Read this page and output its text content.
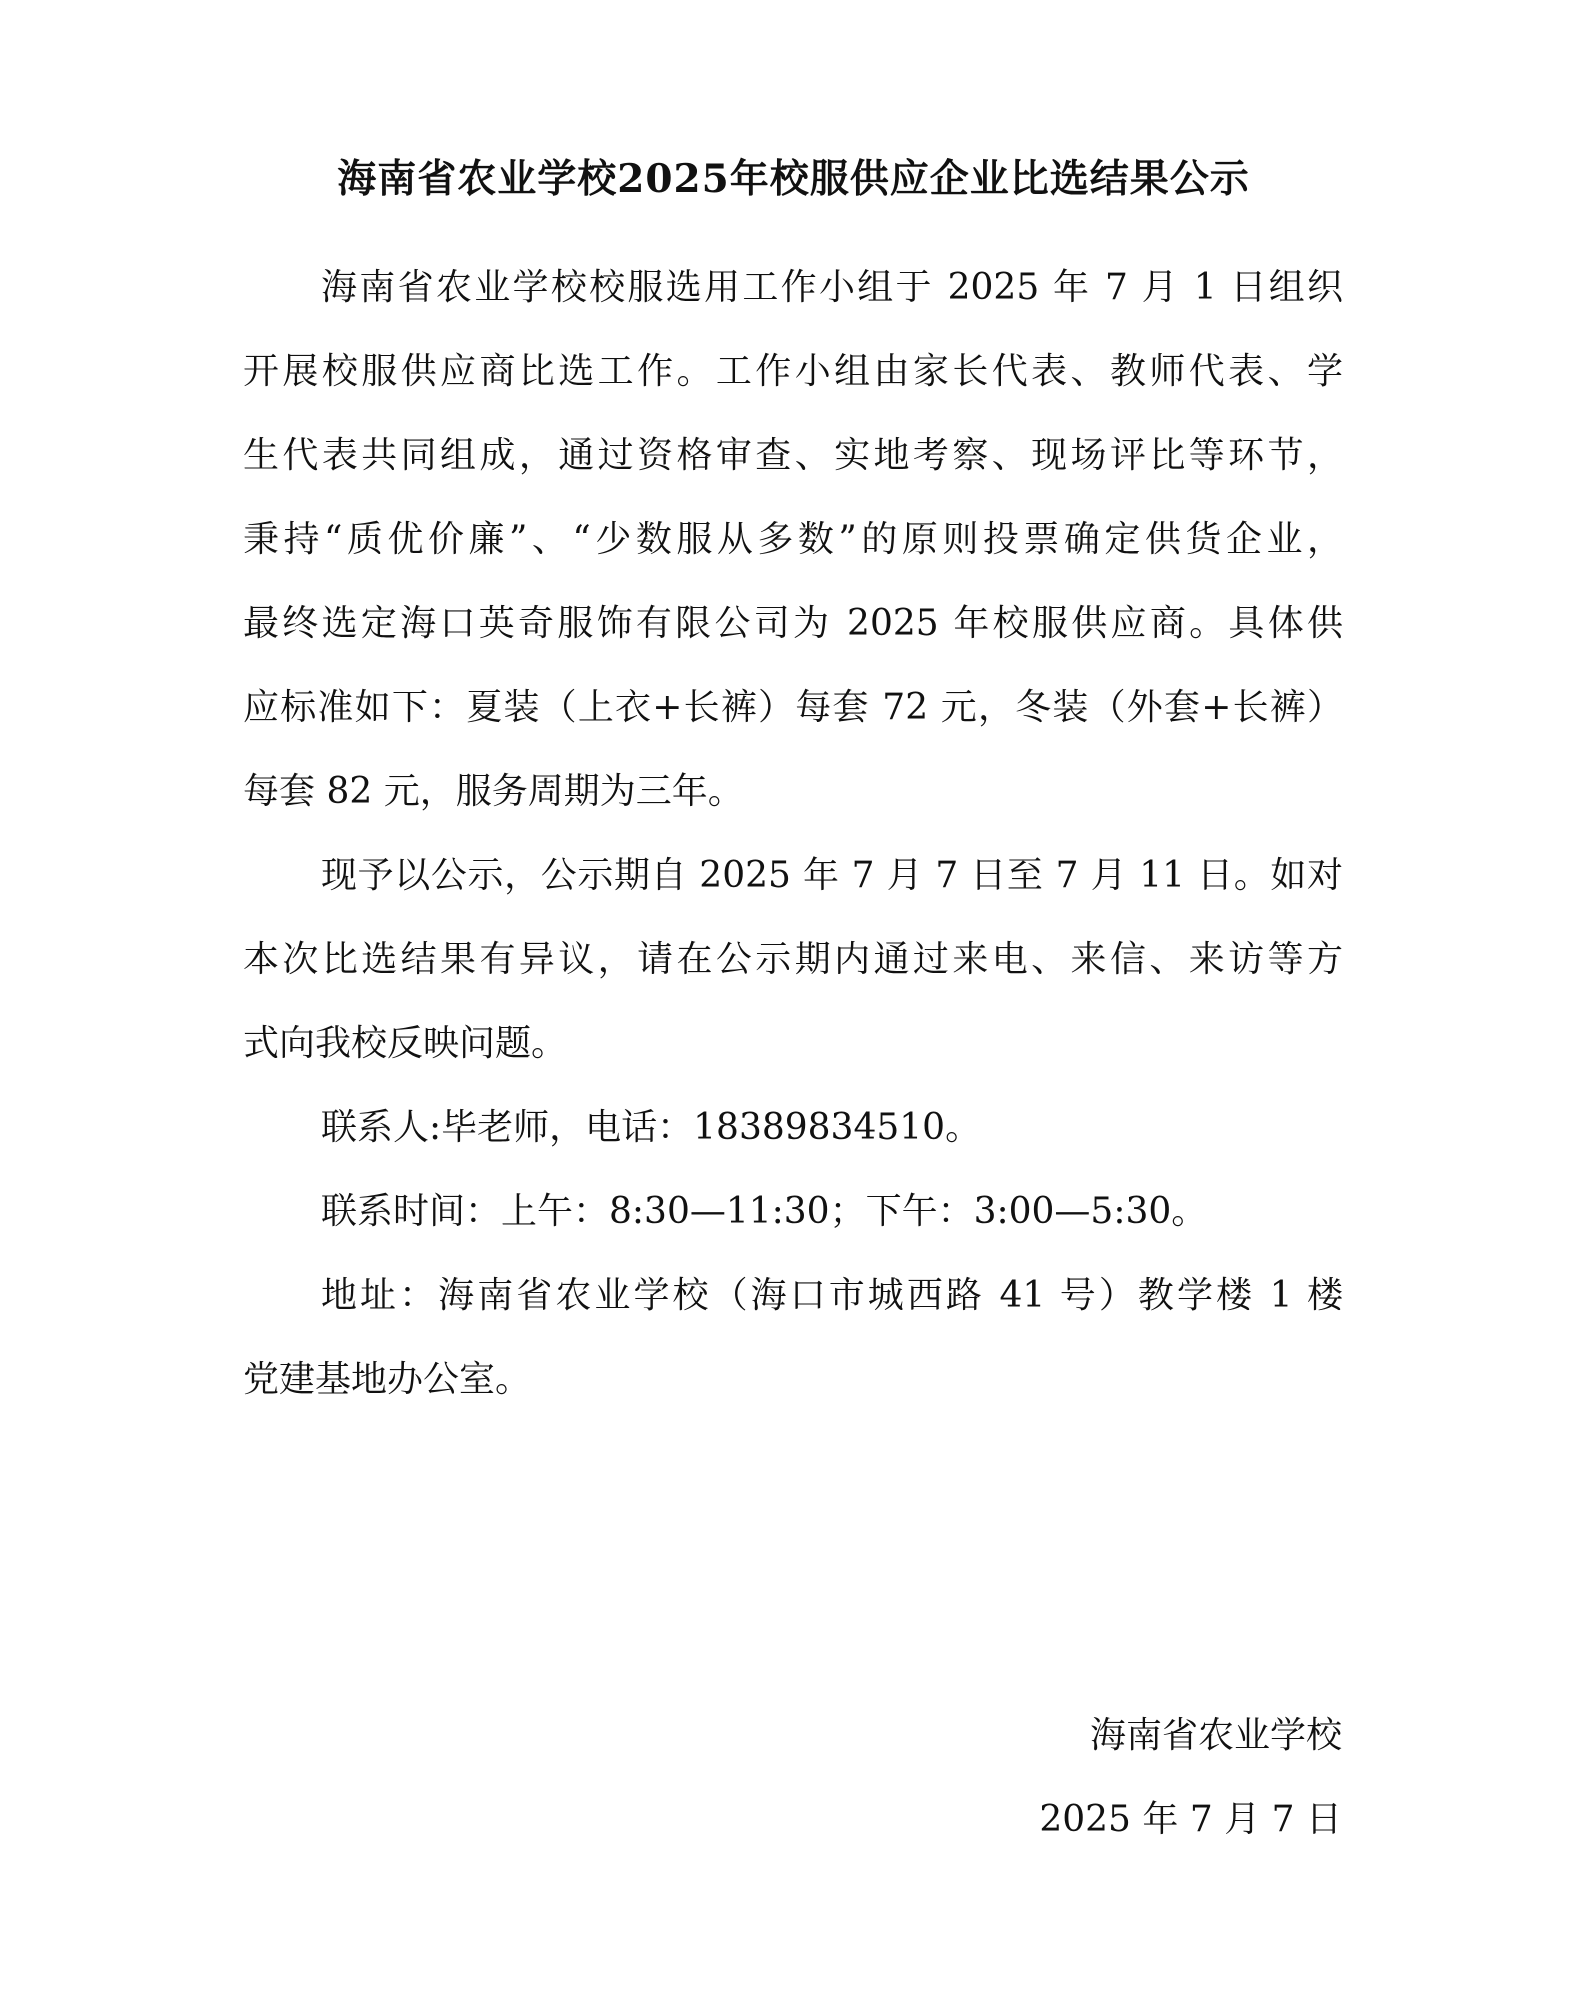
海南省农业学校2025年校服供应企业比选结果公示
海南省农业学校校服选用工作小组于 2025 年 7 月 1 日组织
开展校服供应商比选工作。工作小组由家长代表、教师代表、学
生代表共同组成，通过资格审查、实地考察、现场评比等环节，
秉持“质优价廉”、“少数服从多数”的原则投票确定供货企业，
最终选定海口英奇服饰有限公司为 2025 年校服供应商。具体供
应标准如下：夏装（上衣+长裤）每套 72 元，冬装（外套+长裤）
每套 82 元，服务周期为三年。
现予以公示，公示期自 2025 年 7 月 7 日至 7 月 11 日。如对
本次比选结果有异议，请在公示期内通过来电、来信、来访等方
式向我校反映问题。
联系人:毕老师，电话：18389834510。
联系时间：上午：8:30—11:30；下午：3:00—5:30。
地址：海南省农业学校（海口市城西路 41 号）教学楼 1 楼
党建基地办公室。
海南省农业学校
2025 年 7 月 7 日
